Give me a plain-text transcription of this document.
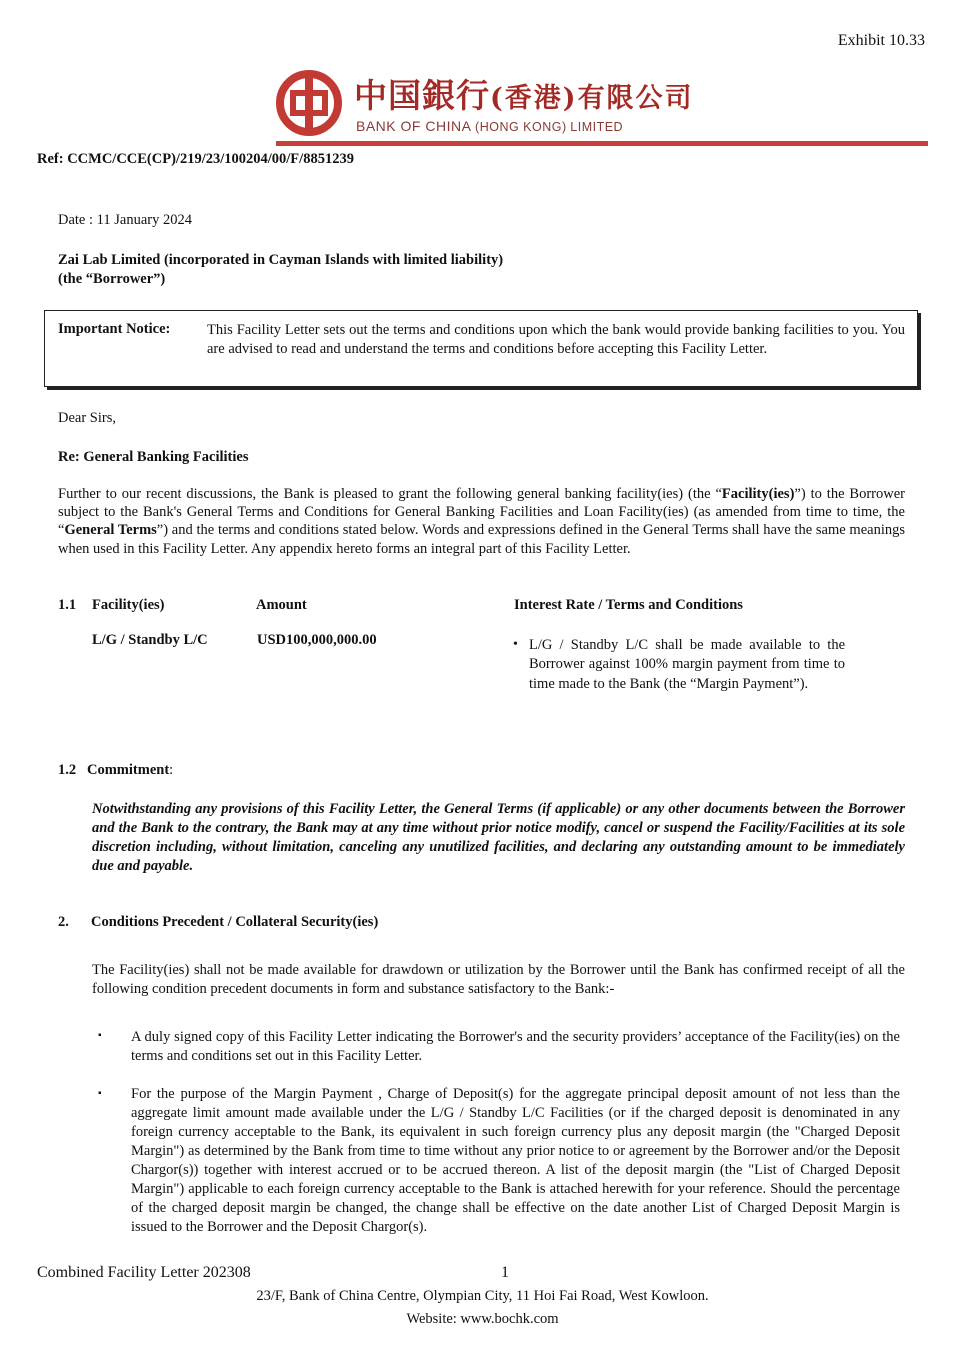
Exhibit 10.33
中国銀行(香港)有限公司
BANK OF CHINA (HONG KONG) LIMITED
Ref: CCMC/CCE(CP)/219/23/100204/00/F/8851239
Date : 11 January 2024
Zai Lab Limited (incorporated in Cayman Islands with limited liability)
(the “Borrower”)
Important Notice:	This Facility Letter sets out the terms and conditions upon which the bank would provide banking facilities to you. You are advised to read and understand the terms and conditions before accepting this Facility Letter.
Dear Sirs,
Re: General Banking Facilities
Further to our recent discussions, the Bank is pleased to grant the following general banking facility(ies) (the “Facility(ies)”) to the Borrower subject to the Bank's General Terms and Conditions for General Banking Facilities and Loan Facility(ies) (as amended from time to time, the “General Terms”) and the terms and conditions stated below. Words and expressions defined in the General Terms shall have the same meanings when used in this Facility Letter. Any appendix hereto forms an integral part of this Facility Letter.
1.1 Facility(ies)	Amount	Interest Rate / Terms and Conditions
L/G / Standby L/C	USD100,000,000.00	• L/G / Standby L/C shall be made available to the Borrower against 100% margin payment from time to time made to the Bank (the “Margin Payment”).
1.2 Commitment:
Notwithstanding any provisions of this Facility Letter, the General Terms (if applicable) or any other documents between the Borrower and the Bank to the contrary, the Bank may at any time without prior notice modify, cancel or suspend the Facility/Facilities at its sole discretion including, without limitation, canceling any unutilized facilities, and declaring any outstanding amount to be immediately due and payable.
2. Conditions Precedent / Collateral Security(ies)
The Facility(ies) shall not be made available for drawdown or utilization by the Borrower until the Bank has confirmed receipt of all the following condition precedent documents in form and substance satisfactory to the Bank:-
▪ A duly signed copy of this Facility Letter indicating the Borrower's and the security providers’ acceptance of the Facility(ies) on the terms and conditions set out in this Facility Letter.
▪ For the purpose of the Margin Payment , Charge of Deposit(s) for the aggregate principal deposit amount of not less than the aggregate limit amount made available under the L/G / Standby L/C Facilities (or if the charged deposit is denominated in any foreign currency acceptable to the Bank, its equivalent in such foreign currency plus any deposit margin (the "Charged Deposit Margin") as determined by the Bank from time to time without any prior notice to or agreement by the Borrower and/or the Deposit Chargor(s)) together with interest accrued or to be accrued thereon. A list of the deposit margin (the "List of Charged Deposit Margin") applicable to each foreign currency acceptable to the Bank is attached herewith for your reference. Should the percentage of the charged deposit margin be changed, the change shall be effective on the date another List of Charged Deposit Margin is issued to the Borrower and the Deposit Chargor(s).
Combined Facility Letter 202308	1
23/F, Bank of China Centre, Olympian City, 11 Hoi Fai Road, West Kowloon.
Website: www.bochk.com
